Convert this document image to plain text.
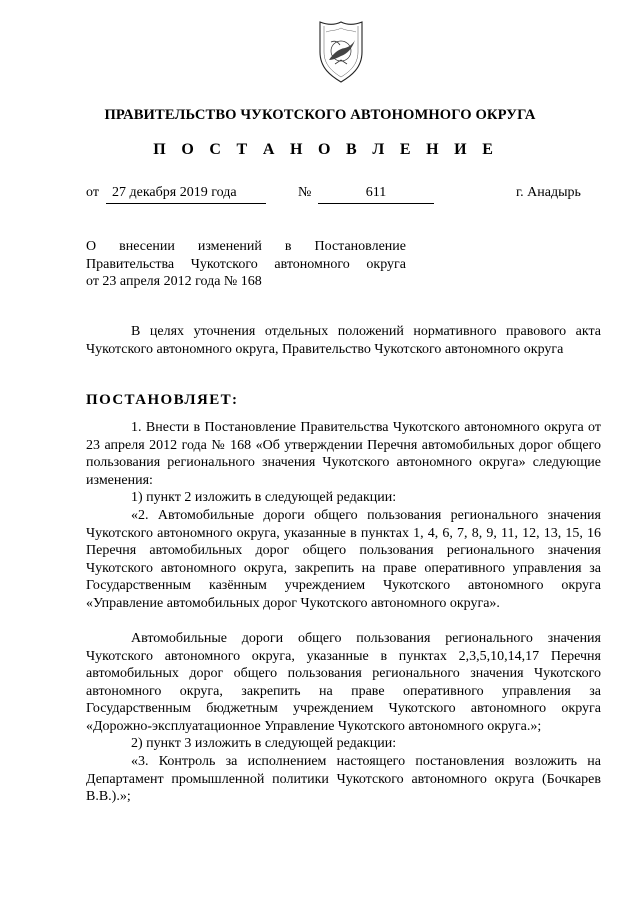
ПРАВИТЕЛЬСТВО ЧУКОТСКОГО АВТОНОМНОГО ОКРУГА
П О С Т А Н О В Л Е Н И Е
от 27 декабря 2019 года	№	611	г. Анадырь
О внесении изменений в Постановление
Правительства Чукотского автономного округа
от 23 апреля 2012 года № 168
В целях уточнения отдельных положений нормативного правового акта Чукотского автономного округа, Правительство Чукотского автономного округа
ПОСТАНОВЛЯЕТ:
1. Внести в Постановление Правительства Чукотского автономного округа от 23 апреля 2012 года № 168 «Об утверждении Перечня автомобильных дорог общего пользования регионального значения Чукотского автономного округа» следующие изменения:
1) пункт 2 изложить в следующей редакции:
«2. Автомобильные дороги общего пользования регионального значения Чукотского автономного округа, указанные в пунктах 1, 4, 6, 7, 8, 9, 11, 12, 13, 15, 16 Перечня автомобильных дорог общего пользования регионального значения Чукотского автономного округа, закрепить на праве оперативного управления за Государственным казённым учреждением Чукотского автономного округа «Управление автомобильных дорог Чукотского автономного округа».
Автомобильные дороги общего пользования регионального значения Чукотского автономного округа, указанные в пунктах 2,3,5,10,14,17 Перечня автомобильных дорог общего пользования регионального значения Чукотского автономного округа, закрепить на праве оперативного управления за Государственным бюджетным учреждением Чукотского автономного округа «Дорожно-эксплуатационное Управление Чукотского автономного округа.»;
2) пункт 3 изложить в следующей редакции:
«3. Контроль за исполнением настоящего постановления возложить на Департамент промышленной политики Чукотского автономного округа (Бочкарев В.В.).»;
